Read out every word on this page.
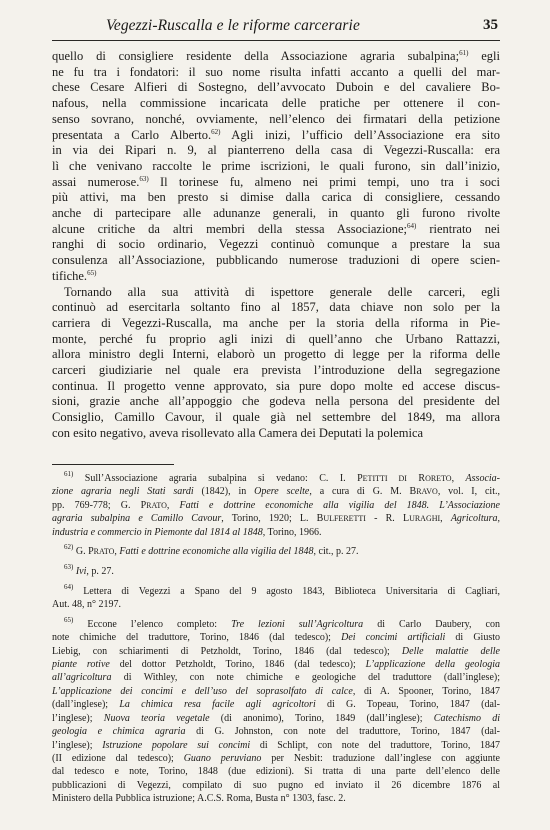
Vegezzi-Ruscalla e le riforme carcerarie	35

quello di consigliere residente della Associazione agraria subalpina;$^{61)}$ egli

ne fu tra i fondatori: il suo nome risulta infatti accanto a quelli del mar-

chese Cesare Alfieri di Sostegno, dell’avvocato Duboin e del cavaliere Bo-

nafous, nella commissione incaricata delle pratiche per ottenere il con-

senso sovrano, nonché, ovviamente, nell’elenco dei firmatari della petizione

presentata a Carlo Alberto.$^{62)}$ Agli inizi, l’ufficio dell’Associazione era sito

in via dei Ripari n. 9, al pianterreno della casa di Vegezzi-Ruscalla: era

lì che venivano raccolte le prime iscrizioni, le quali furono, sin dall’inizio,

assai numerose.$^{63)}$ Il torinese fu, almeno nei primi tempi, uno tra i soci

più attivi, ma ben presto si dimise dalla carica di consigliere, cessando

anche di partecipare alle adunanze generali, in quanto gli furono rivolte

alcune critiche da altri membri della stessa Associazione;$^{64)}$ rientrato nei

ranghi di socio ordinario, Vegezzi continuò comunque a prestare la sua

consulenza all’Associazione, pubblicando numerose traduzioni di opere scien-

tifiche.$^{65)}$

Tornando alla sua attività di ispettore generale delle carceri, egli

continuò ad esercitarla soltanto fino al 1857, data chiave non solo per la

carriera di Vegezzi-Ruscalla, ma anche per la storia della riforma in Pie-

monte, perché fu proprio agli inizi di quell’anno che Urbano Rattazzi,

allora ministro degli Interni, elaborò un progetto di legge per la riforma delle

carceri giudiziarie nel quale era prevista l’introduzione della segregazione

continua. Il progetto venne approvato, sia pure dopo molte ed accese discus-

sioni, grazie anche all’appoggio che godeva nella persona del presidente del

Consiglio, Camillo Cavour, il quale già nel settembre del 1849, ma allora

con esito negativo, aveva risollevato alla Camera dei Deputati la polemica

$^{61)}$ Sull’Associazione agraria subalpina si vedano: C. I. PETITTI DI RORETO, Associa-

zione agraria negli Stati sardi (1842), in Opere scelte, a cura di G. M. BRAVO, vol. I, cit.,

pp. 769-778; G. PRATO, Fatti e dottrine economiche alla vigilia del 1848. L’Associazione

agraria subalpina e Camillo Cavour, Torino, 1920; L. BULFERETTI - R. LURAGHI, Agricoltura,

industria e commercio in Piemonte dal 1814 al 1848, Torino, 1966.

$^{62)}$ G. PRATO, Fatti e dottrine economiche alla vigilia del 1848, cit., p. 27.

$^{63)}$ Ivi, p. 27.

$^{64)}$ Lettera di Vegezzi a Spano del 9 agosto 1843, Biblioteca Universitaria di Cagliari,

Aut. 48, n° 2197.

$^{65)}$ Eccone l’elenco completo: Tre lezioni sull’Agricoltura di Carlo Daubery, con

note chimiche del traduttore, Torino, 1846 (dal tedesco); Dei concimi artificiali di Giusto

Liebig, con schiarimenti di Petzholdt, Torino, 1846 (dal tedesco); Delle malattie delle

piante rotive del dottor Petzholdt, Torino, 1846 (dal tedesco); L’applicazione della geologia

all’agricoltura di Withley, con note chimiche e geologiche del traduttore (dall’inglese);

L’applicazione dei concimi e dell’uso del soprasolfato di calce, di A. Spooner, Torino, 1847

(dall’inglese); La chimica resa facile agli agricoltori di G. Topeau, Torino, 1847 (dal-

l’inglese); Nuova teoria vegetale (di anonimo), Torino, 1849 (dall’inglese); Catechismo di

geologia e chimica agraria di G. Johnston, con note del traduttore, Torino, 1847 (dal-

l’inglese); Istruzione popolare sui concimi di Schlipt, con note del traduttore, Torino, 1847

(II edizione dal tedesco); Guano peruviano per Nesbit: traduzione dall’inglese con aggiunte

dal tedesco e note, Torino, 1848 (due edizioni). Si tratta di una parte dell’elenco delle

pubblicazioni di Vegezzi, compilato di suo pugno ed inviato il 26 dicembre 1876 al

Ministero della Pubblica istruzione; A.C.S. Roma, Busta n° 1303, fasc. 2.
